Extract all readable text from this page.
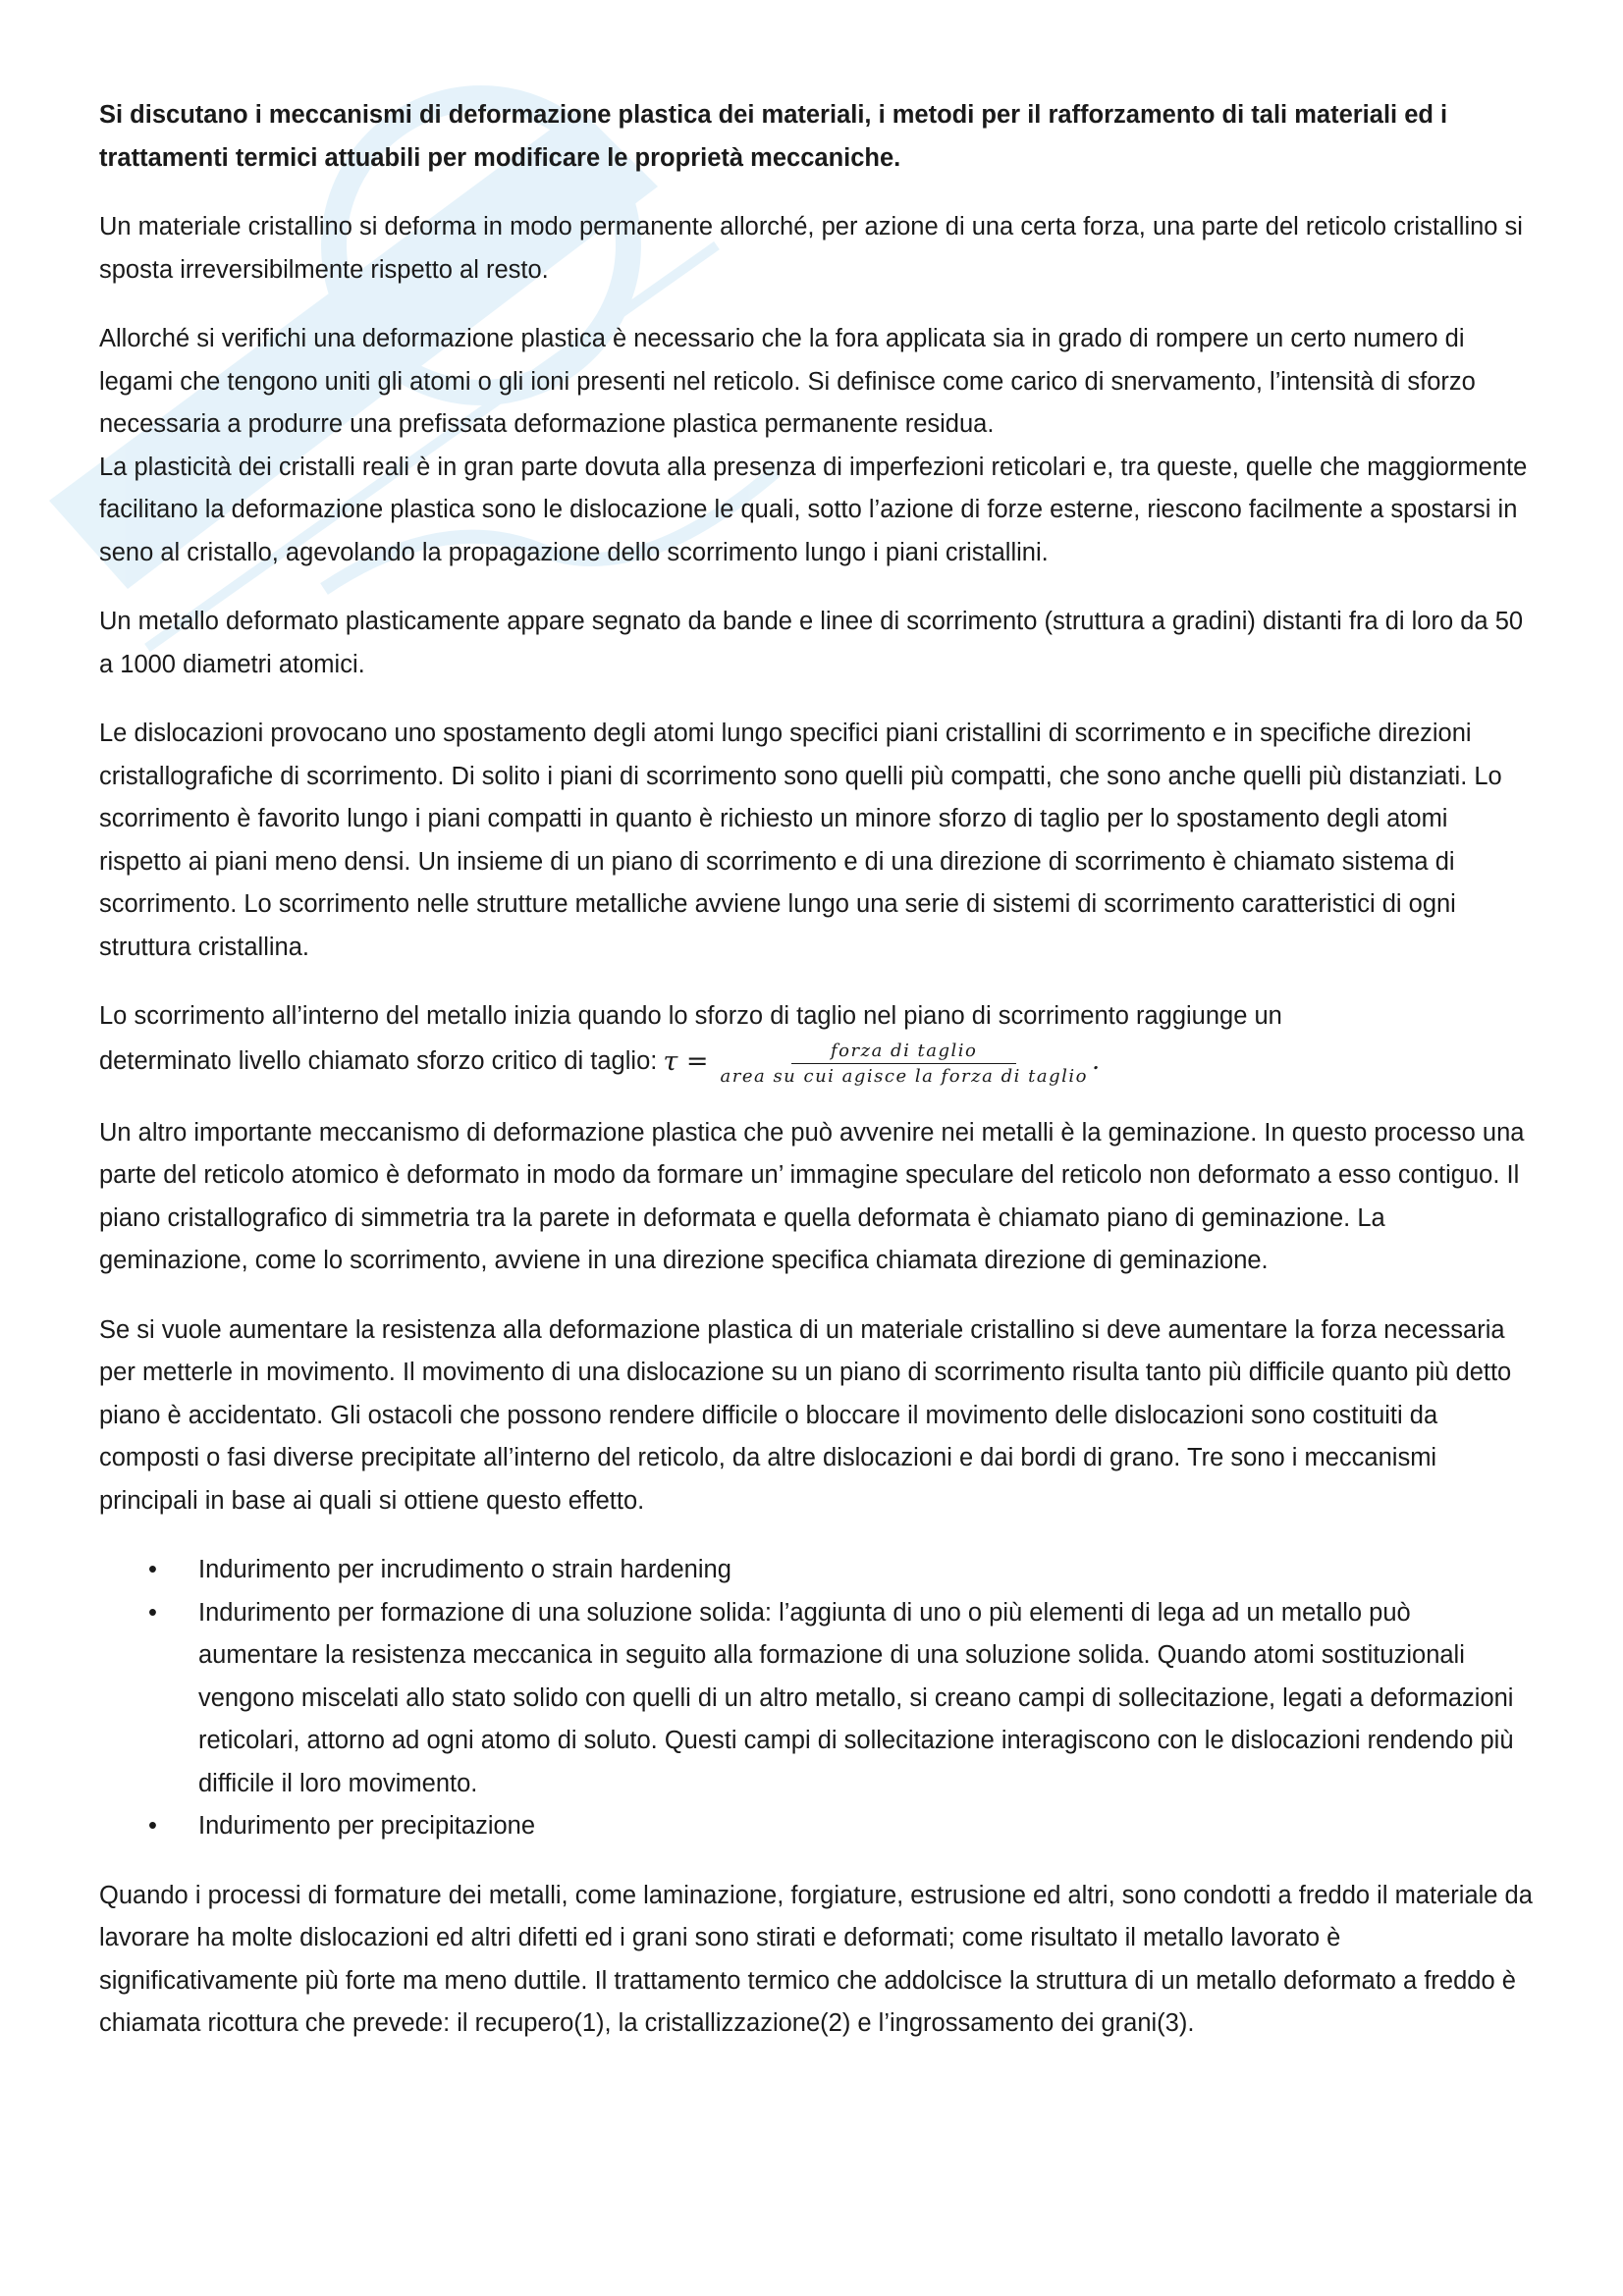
Si discutano i meccanismi di deformazione plastica dei materiali, i metodi per il rafforzamento di tali materiali ed i trattamenti termici attuabili per modificare le proprietà meccaniche.

Un materiale cristallino si deforma in modo permanente allorché, per azione di una certa forza, una parte del reticolo cristallino si sposta irreversibilmente rispetto al resto.

Allorché si verifichi una deformazione plastica è necessario che la fora applicata sia in grado di rompere un certo numero di legami che tengono uniti gli atomi o gli ioni presenti nel reticolo. Si definisce come carico di snervamento, l’intensità di sforzo necessaria a produrre una prefissata deformazione plastica permanente residua.

La plasticità dei cristalli reali è in gran parte dovuta alla presenza di imperfezioni reticolari e, tra queste, quelle che maggiormente facilitano la deformazione plastica sono le dislocazione le quali, sotto l’azione di forze esterne, riescono facilmente a spostarsi in seno al cristallo, agevolando la propagazione dello scorrimento lungo i piani cristallini.

Un metallo deformato plasticamente appare segnato da bande e linee di scorrimento (struttura a gradini) distanti fra di loro da 50 a 1000 diametri atomici.

Le dislocazioni provocano uno spostamento degli atomi lungo specifici piani cristallini di scorrimento e in specifiche direzioni cristallografiche di scorrimento. Di solito i piani di scorrimento sono quelli più compatti, che sono anche quelli più distanziati. Lo scorrimento è favorito lungo i piani compatti in quanto è richiesto un minore sforzo di taglio per lo spostamento degli atomi rispetto ai piani meno densi. Un insieme di un piano di scorrimento e di una direzione di scorrimento è chiamato sistema di scorrimento. Lo scorrimento nelle strutture metalliche avviene lungo una serie di sistemi di scorrimento caratteristici di ogni struttura cristallina.

Lo scorrimento all’interno del metallo inizia quando lo sforzo di taglio nel piano di scorrimento raggiunge un
determinato livello chiamato sforzo critico di taglio: $\tau = \frac{\text{forza di taglio}}{\text{area su cui agisce la forza di taglio}}$ .

Un altro importante meccanismo di deformazione plastica che può avvenire nei metalli è la geminazione. In questo processo una parte del reticolo atomico è deformato in modo da formare un’ immagine speculare del reticolo non deformato a esso contiguo. Il piano cristallografico di simmetria tra la parete in deformata e quella deformata è chiamato piano di geminazione. La geminazione, come lo scorrimento, avviene in una direzione specifica chiamata direzione di geminazione.

Se si vuole aumentare la resistenza alla deformazione plastica di un materiale cristallino si deve aumentare la forza necessaria per metterle in movimento. Il movimento di una dislocazione su un piano di scorrimento risulta tanto più difficile quanto più detto piano è accidentato. Gli ostacoli che possono rendere difficile o bloccare il movimento delle dislocazioni sono costituiti da composti o fasi diverse precipitate all’interno del reticolo, da altre dislocazioni e dai bordi di grano. Tre sono i meccanismi principali in base ai quali si ottiene questo effetto.

• Indurimento per incrudimento o strain hardening
• Indurimento per formazione di una soluzione solida: l’aggiunta di uno o più elementi di lega ad un metallo può aumentare la resistenza meccanica in seguito alla formazione di una soluzione solida. Quando atomi sostituzionali vengono miscelati allo stato solido con quelli di un altro metallo, si creano campi di sollecitazione, legati a deformazioni reticolari, attorno ad ogni atomo di soluto. Questi campi di sollecitazione interagiscono con le dislocazioni rendendo più difficile il loro movimento.
• Indurimento per precipitazione

Quando i processi di formature dei metalli, come laminazione, forgiature, estrusione ed altri, sono condotti a freddo il materiale da lavorare ha molte dislocazioni ed altri difetti ed i grani sono stirati e deformati; come risultato il metallo lavorato è significativamente più forte ma meno duttile. Il trattamento termico che addolcisce la struttura di un metallo deformato a freddo è chiamata ricottura che prevede: il recupero(1), la cristallizzazione(2) e l’ingrossamento dei grani(3).
